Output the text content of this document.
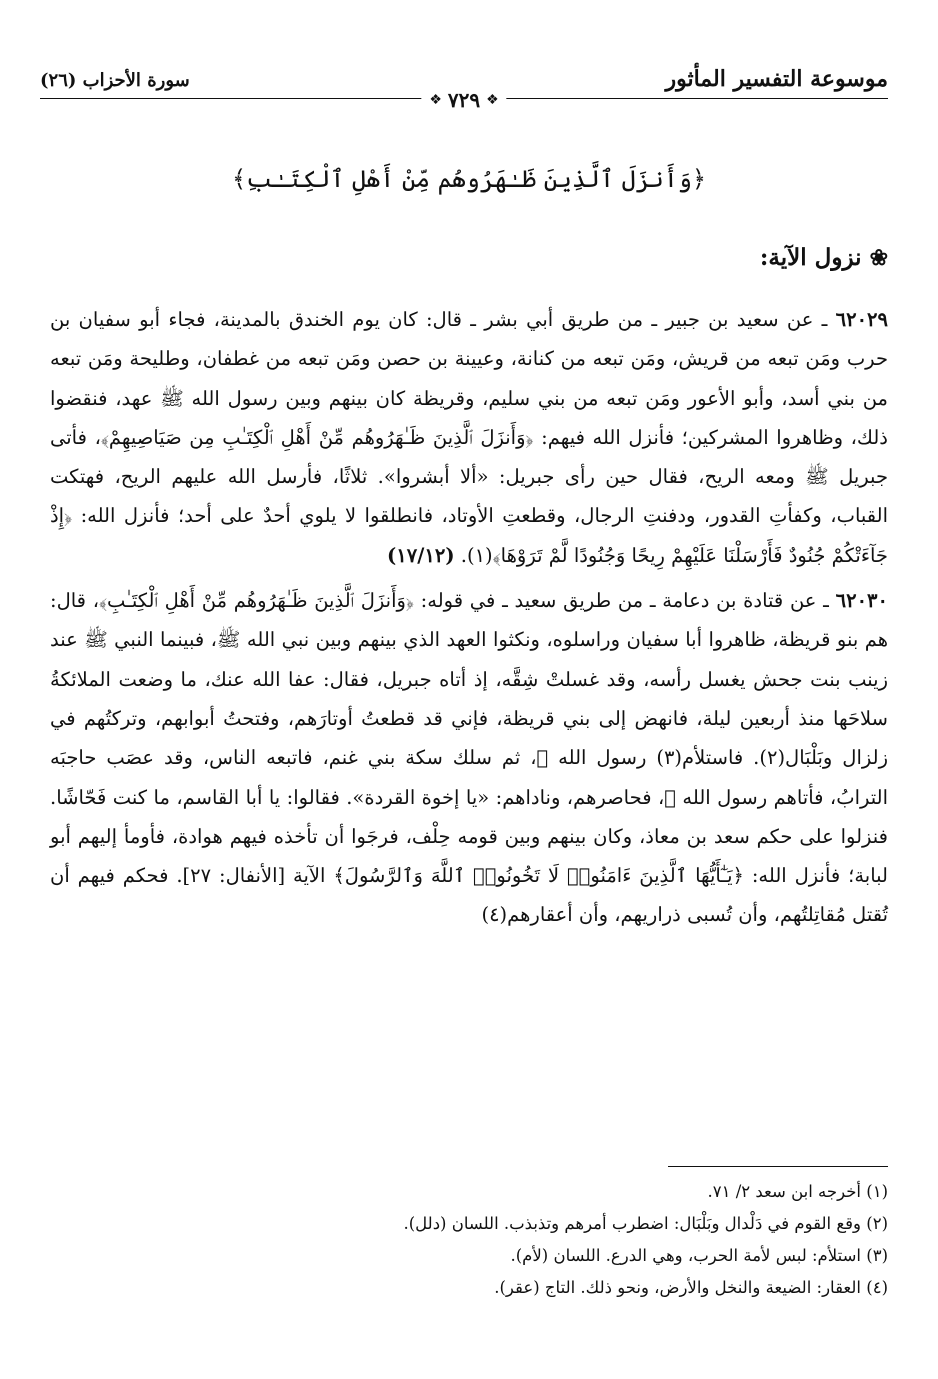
موسوعة التفسير المأثور
سورة الأحزاب (٢٦)
❖ ٧٢٩ ❖
﴿وَأَنزَلَ ٱلَّذِينَ ظَـٰهَرُوهُم مِّنْ أَهْلِ ٱلْكِتَـٰبِ﴾
❀
نزول الآية:

٦٢٠٢٩ ـ عن سعيد بن جبير ـ من طريق أبي بشر ـ قال: كان يوم الخندق بالمدينة، فجاء أبو سفيان بن حرب ومَن تبعه من قريش، ومَن تبعه من كنانة، وعيينة بن حصن ومَن تبعه من غطفان، وطليحة ومَن تبعه من بني أسد، وأبو الأعور ومَن تبعه من بني سليم، وقريظة كان بينهم وبين رسول الله ﷺ عهد، فنقضوا ذلك، وظاهروا المشركين؛ فأنزل الله فيهم: ﴿وَأَنزَلَ ٱلَّذِينَ ظَـٰهَرُوهُم مِّنْ أَهْلِ ٱلْكِتَـٰبِ مِن صَيَاصِيهِمْ﴾، فأتى جبريل ﷺ ومعه الريح، فقال حين رأى جبريل: «ألا أبشروا». ثلاثًا، فأرسل الله عليهم الريح، فهتكت القباب، وكفأتِ القدور، ودفنتِ الرجال، وقطعتِ الأوتاد، فانطلقوا لا يلوي أحدٌ على أحد؛ فأنزل الله: ﴿إِذْ جَآءَتْكُمْ جُنُودٌ فَأَرْسَلْنَا عَلَيْهِمْ رِيحًا وَجُنُودًا لَّمْ تَرَوْهَا﴾(١). (١٧/١٢)

٦٢٠٣٠ ـ عن قتادة بن دعامة ـ من طريق سعيد ـ في قوله: ﴿وَأَنزَلَ ٱلَّذِينَ ظَـٰهَرُوهُم مِّنْ أَهْلِ ٱلْكِتَـٰبِ﴾، قال: هم بنو قريظة، ظاهروا أبا سفيان وراسلوه، ونكثوا العهد الذي بينهم وبين نبي الله ﷺ، فبينما النبي ﷺ عند زينب بنت جحش يغسل رأسه، وقد غسلتْ شِقَّه، إذ أتاه جبريل، فقال: عفا الله عنك، ما وضعت الملائكةُ سلاحَها منذ أربعين ليلة، فانهض إلى بني قريظة، فإني قد قطعتُ أوتارَهم، وفتحتُ أبوابهم، وتركتُهم في زلزال وبَلْبَال(٢). فاستلأم(٣) رسول الله ﷺ، ثم سلك سكة بني غنم، فاتبعه الناس، وقد عصَب حاجبَه الترابُ، فأتاهم رسول الله ﷺ، فحاصرهم، وناداهم: «يا إخوة القردة». فقالوا: يا أبا القاسم، ما كنت فَحّاشًا. فنزلوا على حكم سعد بن معاذ، وكان بينهم وبين قومه حِلْف، فرجَوا أن تأخذه فيهم هوادة، فأومأ إليهم أبو لبابة؛ فأنزل الله: ﴿يَـٰٓأَيُّهَا ٱلَّذِينَ ءَامَنُوا۟ لَا تَخُونُوا۟ ٱللَّهَ وَٱلرَّسُولَ﴾ الآية [الأنفال: ٢٧]. فحكم فيهم أن تُقتل مُقاتِلتُهم، وأن تُسبى ذراريهم، وأن أعقارهم(٤)

(١) أخرجه ابن سعد ٢/ ٧١.
(٢) وقع القوم في دَلْدال وبَلْبَال: اضطرب أمرهم وتذبذب. اللسان (دلل).
(٣) استلأم: لبس لأمة الحرب، وهي الدرع. اللسان (لأم).
(٤) العقار: الضيعة والنخل والأرض، ونحو ذلك. التاج (عقر).
